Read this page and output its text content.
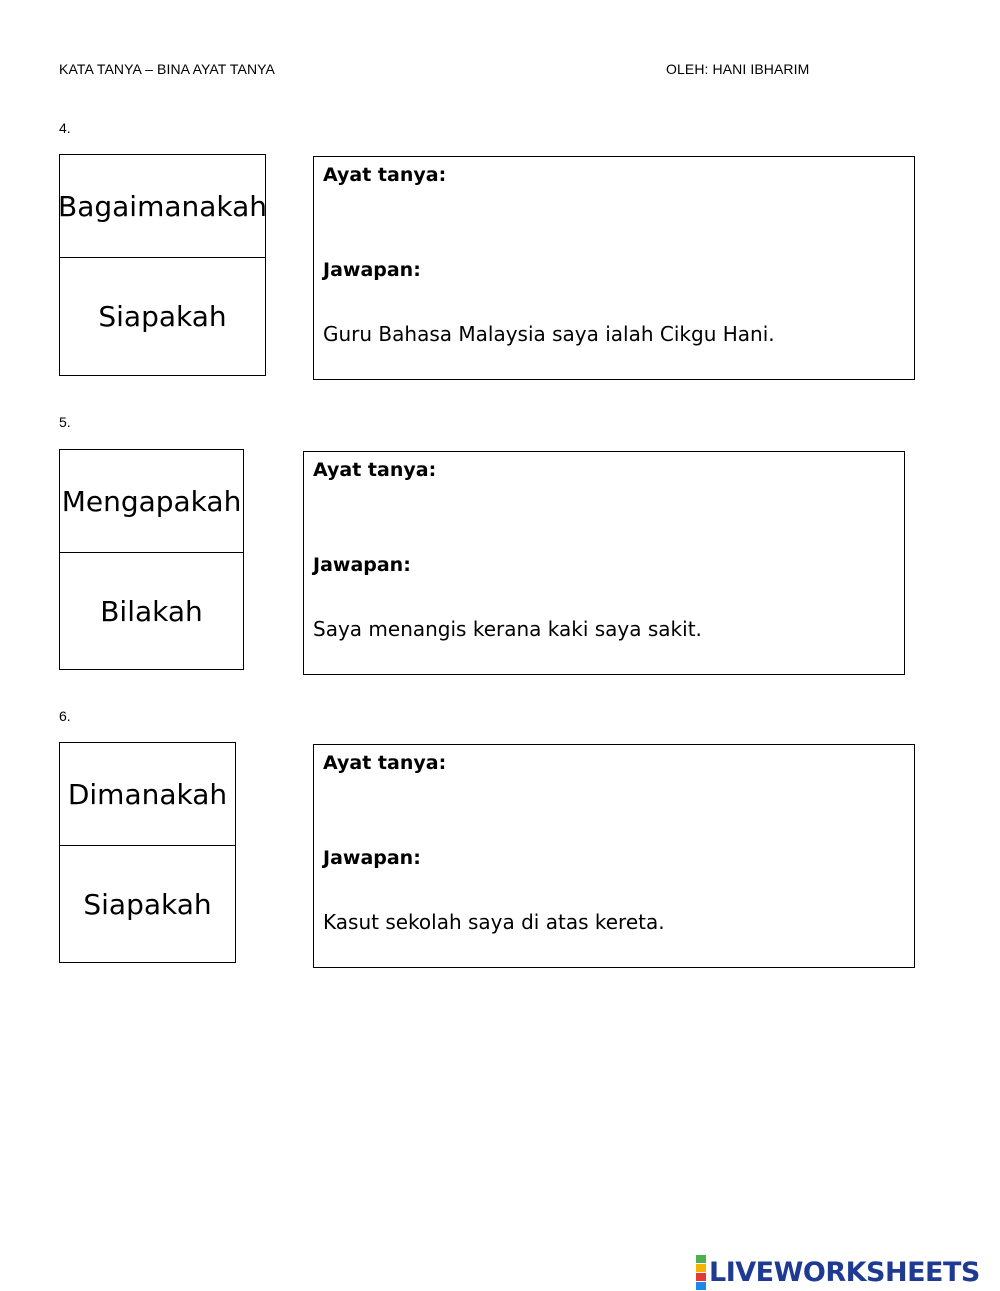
KATA TANYA – BINA AYAT TANYA	OLEH: HANI IBHARIM
4.
Bagaimanakah
Siapakah
Ayat tanya:
Jawapan:
Guru Bahasa Malaysia saya ialah Cikgu Hani.
5.
Mengapakah
Bilakah
Ayat tanya:
Jawapan:
Saya menangis kerana kaki saya sakit.
6.
Dimanakah
Siapakah
Ayat tanya:
Jawapan:
Kasut sekolah saya di atas kereta.
LIVEWORKSHEETS
